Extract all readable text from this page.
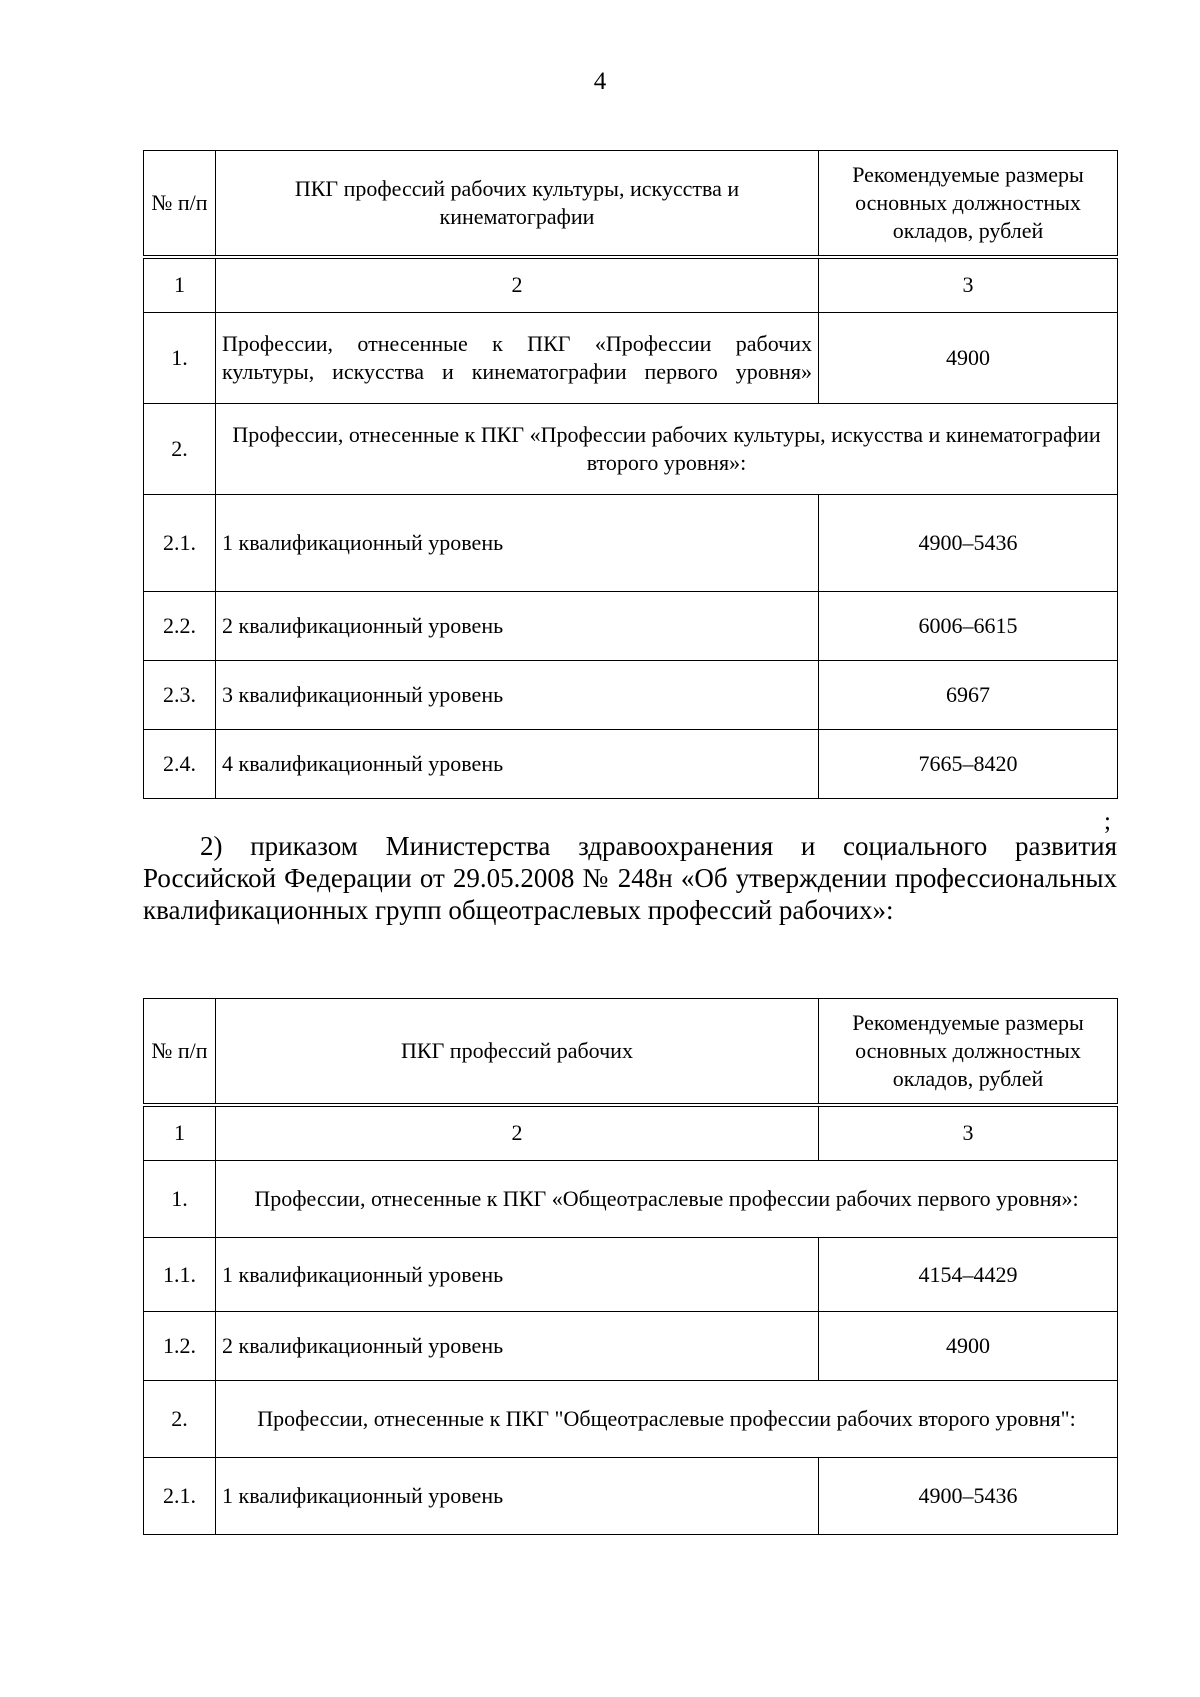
4
№ п/п	ПКГ профессий рабочих культуры, искусства и кинематографии	Рекомендуемые размеры основных должностных окладов, рублей
1	2	3
1.	Профессии, отнесенные к ПКГ «Профессии рабочих культуры, искусства и кинематографии первого уровня»	4900
2.	Профессии, отнесенные к ПКГ «Профессии рабочих культуры, искусства и кинематографии второго уровня»:	
2.1.	1 квалификационный уровень	4900–5436
2.2.	2 квалификационный уровень	6006–6615
2.3.	3 квалификационный уровень	6967
2.4.	4 квалификационный уровень	7665–8420
;
2) приказом Министерства здравоохранения и социального развития Российской Федерации от 29.05.2008 № 248н «Об утверждении профессиональных квалификационных групп общеотраслевых профессий рабочих»:
№ п/п	ПКГ профессий рабочих	Рекомендуемые размеры основных должностных окладов, рублей
1	2	3
1.	Профессии, отнесенные к ПКГ «Общеотраслевые профессии рабочих первого уровня»:	
1.1.	1 квалификационный уровень	4154–4429
1.2.	2 квалификационный уровень	4900
2.	Профессии, отнесенные к ПКГ "Общеотраслевые профессии рабочих второго уровня":	
2.1.	1 квалификационный уровень	4900–5436
